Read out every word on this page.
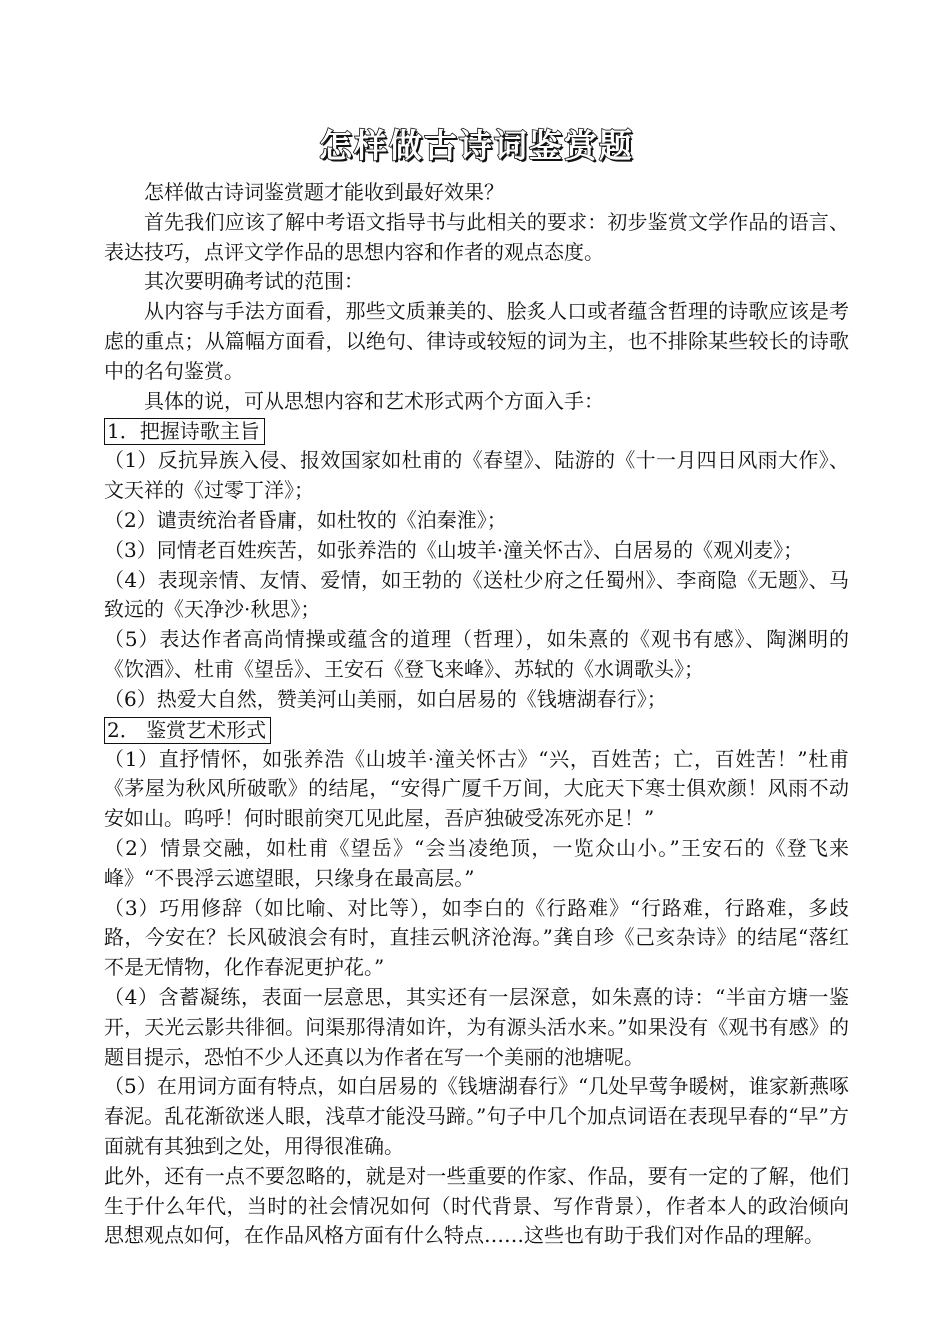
怎样做古诗词鉴赏题

怎样做古诗词鉴赏题才能收到最好效果？

首先我们应该了解中考语文指导书与此相关的要求：初步鉴赏文学作品的语言、表达技巧，点评文学作品的思想内容和作者的观点态度。

其次要明确考试的范围：

从内容与手法方面看，那些文质兼美的、脍炙人口或者蕴含哲理的诗歌应该是考虑的重点；从篇幅方面看，以绝句、律诗或较短的词为主，也不排除某些较长的诗歌中的名句鉴赏。

具体的说，可从思想内容和艺术形式两个方面入手：

1．把握诗歌主旨

（1）反抗异族入侵、报效国家如杜甫的《春望》、陆游的《十一月四日风雨大作》、文天祥的《过零丁洋》；

（2）谴责统治者昏庸，如杜牧的《泊秦淮》；

（3）同情老百姓疾苦，如张养浩的《山坡羊·潼关怀古》、白居易的《观刈麦》；

（4）表现亲情、友情、爱情，如王勃的《送杜少府之任蜀州》、李商隐《无题》、马致远的《天净沙·秋思》；

（5）表达作者高尚情操或蕴含的道理（哲理），如朱熹的《观书有感》、陶渊明的《饮酒》、杜甫《望岳》、王安石《登飞来峰》、苏轼的《水调歌头》；

（6）热爱大自然，赞美河山美丽，如白居易的《钱塘湖春行》；

2． 鉴赏艺术形式

（1）直抒情怀，如张养浩《山坡羊·潼关怀古》“兴，百姓苦；亡，百姓苦！”杜甫《茅屋为秋风所破歌》的结尾，“安得广厦千万间，大庇天下寒士俱欢颜！风雨不动安如山。呜呼！何时眼前突兀见此屋，吾庐独破受冻死亦足！”

（2）情景交融，如杜甫《望岳》“会当凌绝顶，一览众山小。”王安石的《登飞来峰》“不畏浮云遮望眼，只缘身在最高层。”

（3）巧用修辞（如比喻、对比等），如李白的《行路难》“行路难，行路难，多歧路，今安在？长风破浪会有时，直挂云帆济沧海。”龚自珍《己亥杂诗》的结尾“落红不是无情物，化作春泥更护花。”

（4）含蓄凝练，表面一层意思，其实还有一层深意，如朱熹的诗：“半亩方塘一鉴开，天光云影共徘徊。问渠那得清如许，为有源头活水来。”如果没有《观书有感》的题目提示，恐怕不少人还真以为作者在写一个美丽的池塘呢。

（5）在用词方面有特点，如白居易的《钱塘湖春行》“几处早莺争暖树，谁家新燕啄春泥。乱花渐欲迷人眼，浅草才能没马蹄。”句子中几个加点词语在表现早春的“早”方面就有其独到之处，用得很准确。

此外，还有一点不要忽略的，就是对一些重要的作家、作品，要有一定的了解，他们生于什么年代，当时的社会情况如何（时代背景、写作背景），作者本人的政治倾向思想观点如何，在作品风格方面有什么特点……这些也有助于我们对作品的理解。
